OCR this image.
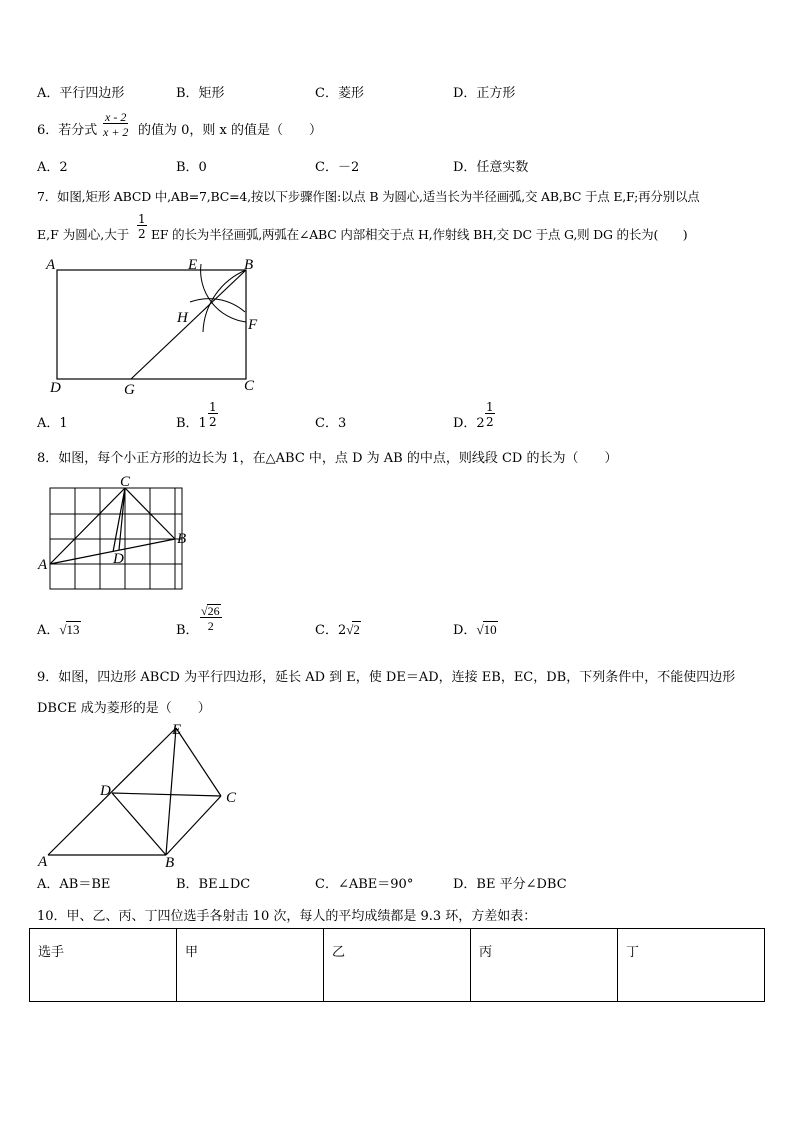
A．平行四边形	B．矩形	C．菱形	D．正方形
6．若分式 $\frac{x - 2}{x + 2}$ 的值为 0，则 x 的值是（　　）
A．2	B．0	C．－2	D．任意实数
7．如图,矩形 ABCD 中,AB=7,BC=4,按以下步骤作图:以点 B 为圆心,适当长为半径画弧,交 AB,BC 于点 E,F;再分别以点
E,F 为圆心,大于 $\frac{1}{2}$ EF 的长为半径画弧,两弧在∠ABC 内部相交于点 H,作射线 BH,交 DC 于点 G,则 DG 的长为(　　)
A	B
E
F
H
D	G	C
A．1	B．$1 \frac{1}{2}$	C．3	D．$2 \frac{1}{2}$
8．如图，每个小正方形的边长为 1，在△ABC 中，点 D 为 AB 的中点，则线段 CD 的长为（　　）
C
B
A	D
A．√13	B． $\frac{√26}{2}$	C．2√2	D．√10
9．如图，四边形 ABCD 为平行四边形，延长 AD 到 E，使 DE＝AD，连接 EB，EC，DB，下列条件中，不能使四边形
DBCE 成为菱形的是（　　）
E
D	C
A	B
A．AB＝BE	B．BE⊥DC	C．∠ABE＝90°	D．BE 平分∠DBC
10．甲、乙、丙、丁四位选手各射击 10 次，每人的平均成绩都是 9.3 环，方差如表：
选手	甲	乙	丙	丁
